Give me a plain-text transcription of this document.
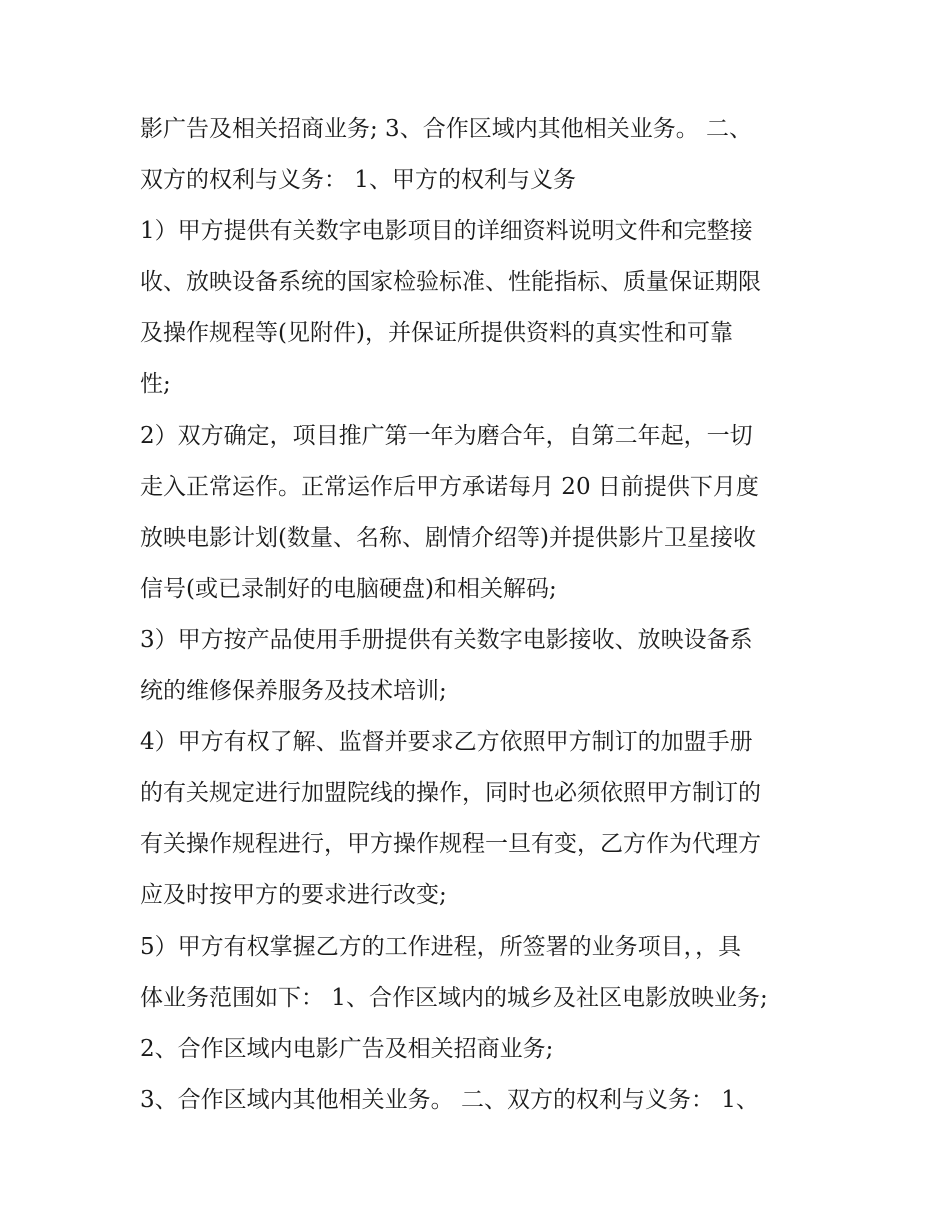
影广告及相关招商业务; 3、合作区域内其他相关业务。 二、
双方的权利与义务： 1、甲方的权利与义务
1）甲方提供有关数字电影项目的详细资料说明文件和完整接
收、放映设备系统的国家检验标准、性能指标、质量保证期限
及操作规程等(见附件)，并保证所提供资料的真实性和可靠
性;
2）双方确定，项目推广第一年为磨合年，自第二年起，一切
走入正常运作。正常运作后甲方承诺每月 20 日前提供下月度
放映电影计划(数量、名称、剧情介绍等)并提供影片卫星接收
信号(或已录制好的电脑硬盘)和相关解码;
3）甲方按产品使用手册提供有关数字电影接收、放映设备系
统的维修保养服务及技术培训;
4）甲方有权了解、监督并要求乙方依照甲方制订的加盟手册
的有关规定进行加盟院线的操作，同时也必须依照甲方制订的
有关操作规程进行，甲方操作规程一旦有变，乙方作为代理方
应及时按甲方的要求进行改变;
5）甲方有权掌握乙方的工作进程，所签署的业务项目，，具
体业务范围如下： 1、合作区域内的城乡及社区电影放映业务;
2、合作区域内电影广告及相关招商业务;
3、合作区域内其他相关业务。 二、双方的权利与义务： 1、
